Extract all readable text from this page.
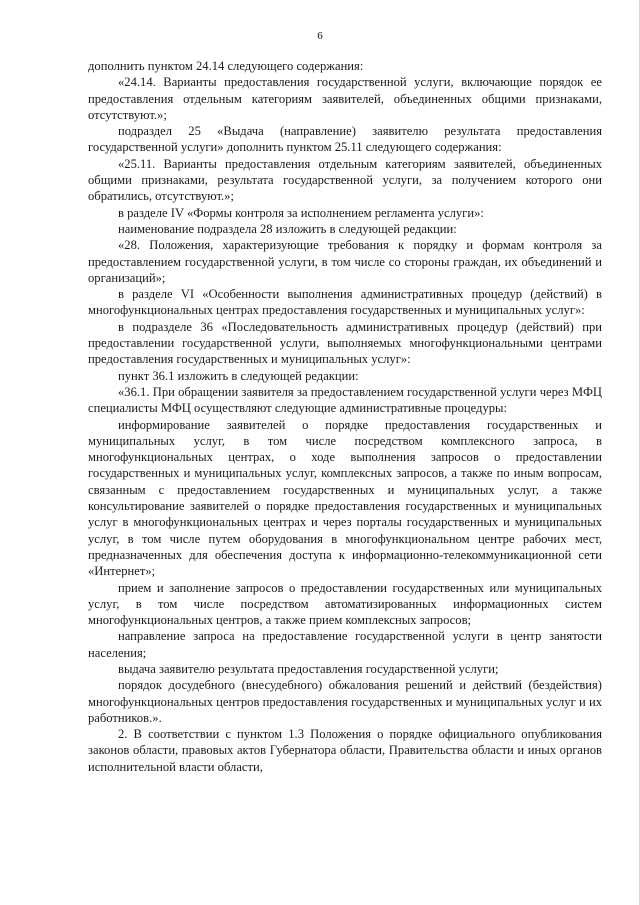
6

дополнить пунктом 24.14 следующего содержания:

«24.14. Варианты предоставления государственной услуги, включающие порядок ее предоставления отдельным категориям заявителей, объединенных общими признаками, отсутствуют.»;

подраздел 25 «Выдача (направление) заявителю результата предоставления государственной услуги» дополнить пунктом 25.11 следующего содержания:

«25.11. Варианты предоставления отдельным категориям заявителей, объединенных общими признаками, результата государственной услуги, за получением которого они обратились, отсутствуют.»;

в разделе IV «Формы контроля за исполнением регламента услуги»:

наименование подраздела 28 изложить в следующей редакции:

«28. Положения, характеризующие требования к порядку и формам контроля за предоставлением государственной услуги, в том числе со стороны граждан, их объединений и организаций»;

в разделе VI «Особенности выполнения административных процедур (действий) в многофункциональных центрах предоставления государственных и муниципальных услуг»:

в подразделе 36 «Последовательность административных процедур (действий) при предоставлении государственной услуги, выполняемых многофункциональными центрами предоставления государственных и муниципальных услуг»:

пункт 36.1 изложить в следующей редакции:

«36.1. При обращении заявителя за предоставлением государственной услуги через МФЦ специалисты МФЦ осуществляют следующие административные процедуры:

информирование заявителей о порядке предоставления государственных и муниципальных услуг, в том числе посредством комплексного запроса, в многофункциональных центрах, о ходе выполнения запросов о предоставлении государственных и муниципальных услуг, комплексных запросов, а также по иным вопросам, связанным с предоставлением государственных и муниципальных услуг, а также консультирование заявителей о порядке предоставления государственных и муниципальных услуг в многофункциональных центрах и через порталы государственных и муниципальных услуг, в том числе путем оборудования в многофункциональном центре рабочих мест, предназначенных для обеспечения доступа к информационно-телекоммуникационной сети «Интернет»;

прием и заполнение запросов о предоставлении государственных или муниципальных услуг, в том числе посредством автоматизированных информационных систем многофункциональных центров, а также прием комплексных запросов;

направление запроса на предоставление государственной услуги в центр занятости населения;

выдача заявителю результата предоставления государственной услуги;

порядок досудебного (внесудебного) обжалования решений и действий (бездействия) многофункциональных центров предоставления государственных и муниципальных услуг и их работников.».

2. В соответствии с пунктом 1.3 Положения о порядке официального опубликования законов области, правовых актов Губернатора области, Правительства области и иных органов исполнительной власти области,
